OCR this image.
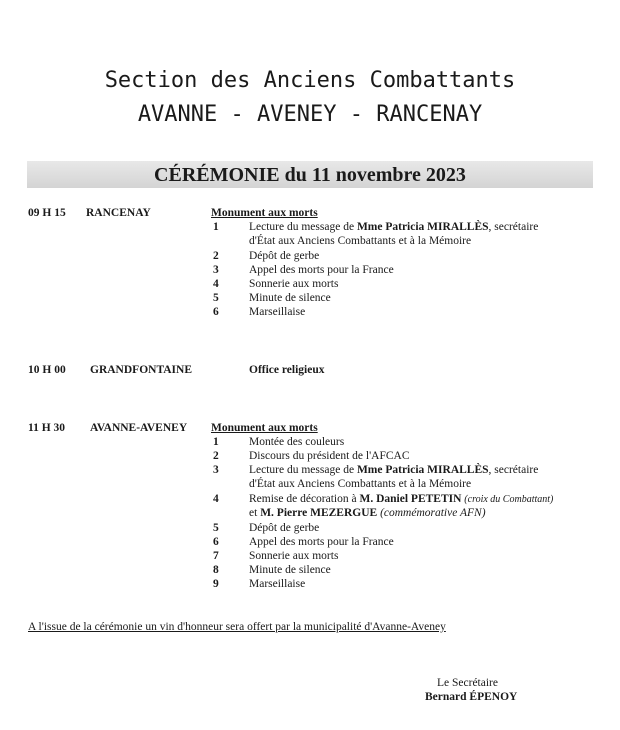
Section des Anciens Combattants
AVANNE - AVENEY - RANCENAY
CÉRÉMONIE du 11 novembre 2023
09 H 15 RANCENAY	Monument aux morts
1	Lecture du message de Mme Patricia MIRALLÈS, secrétaire
d'État aux Anciens Combattants et à la Mémoire
2	Dépôt de gerbe
3	Appel des morts pour la France
4	Sonnerie aux morts
5	Minute de silence
6	Marseillaise
10 H 00 GRANDFONTAINE	Office religieux
11 H 30 AVANNE-AVENEY Monument aux morts
1	Montée des couleurs
2	Discours du président de l'AFCAC
3	Lecture du message de Mme Patricia MIRALLÈS, secrétaire
d'État aux Anciens Combattants et à la Mémoire
4	Remise de décoration à M. Daniel PETETIN (croix du Combattant)
et M. Pierre MEZERGUE (commémorative AFN)
5	Dépôt de gerbe
6	Appel des morts pour la France
7	Sonnerie aux morts
8	Minute de silence
9	Marseillaise
A l'issue de la cérémonie un vin d'honneur sera offert par la municipalité d'Avanne-Aveney
Le Secrétaire
Bernard ÉPENOY
